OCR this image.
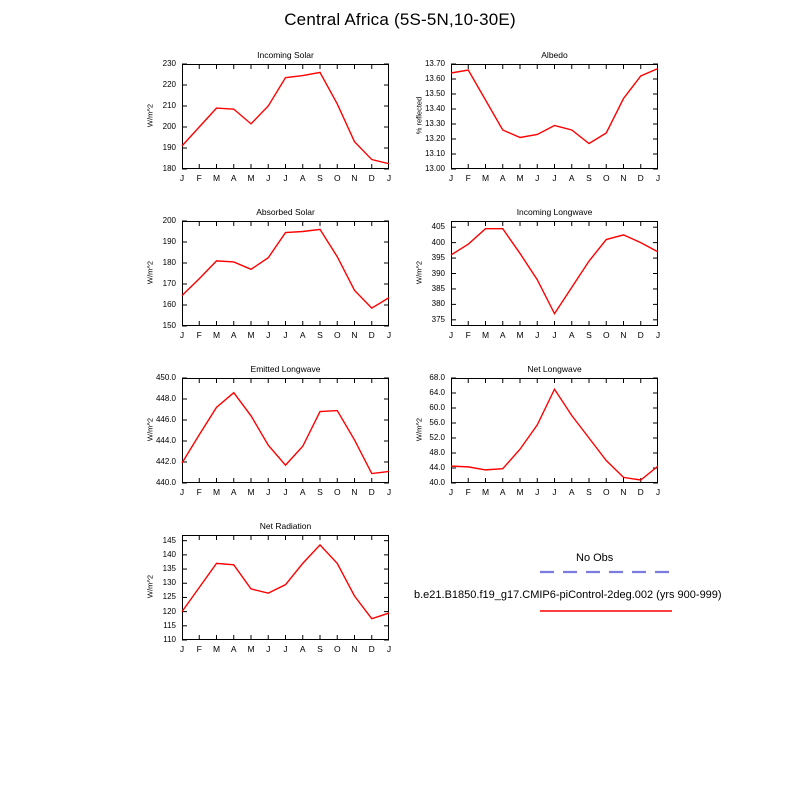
Central Africa (5S-5N,10-30E)
Incoming Solar
W/m^2
180
190
200
210
220
230
J	F	M	A	M	J	J	A	S	O	N	D	J
Albedo
% reflected
13.00
13.10
13.20
13.30
13.40
13.50
13.60
13.70
J	F	M	A	M	J	J	A	S	O	N	D	J
Absorbed Solar
W/m^2
150
160
170
180
190
200
J	F	M	A	M	J	J	A	S	O	N	D	J
Incoming Longwave
W/m^2
375
380
385
390
395
400
405
J	F	M	A	M	J	J	A	S	O	N	D	J
Emitted Longwave
W/m^2
440.0
442.0
444.0
446.0
448.0
450.0
J	F	M	A	M	J	J	A	S	O	N	D	J
Net Longwave
W/m^2
40.0
44.0
48.0
52.0
56.0
60.0
64.0
68.0
J	F	M	A	M	J	J	A	S	O	N	D	J
Net Radiation
W/m^2
110
115
120
125
130
135
140
145
J	F	M	A	M	J	J	A	S	O	N	D	J
No Obs
b.e21.B1850.f19_g17.CMIP6-piControl-2deg.002 (yrs 900-999)
